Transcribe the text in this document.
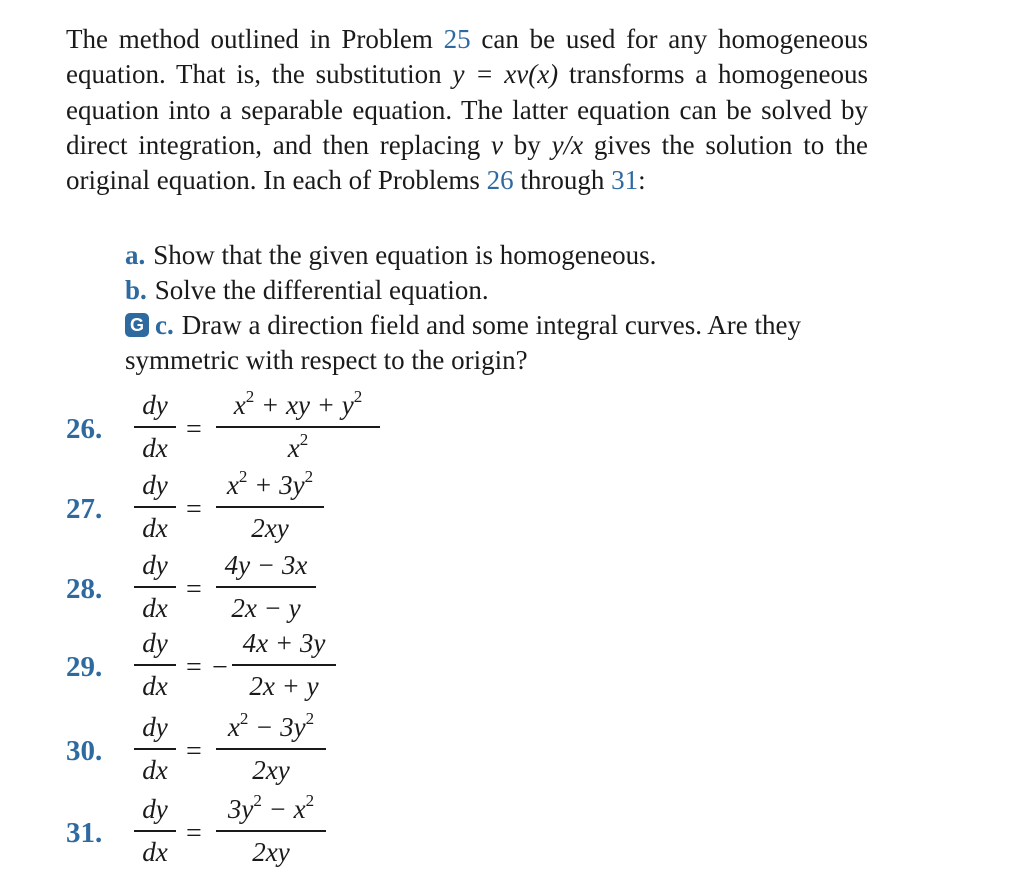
The method outlined in Problem 25 can be used for any homogeneous equation. That is, the substitution y = xv(x) transforms a homogeneous equation into a separable equation. The latter equation can be solved by direct integration, and then replacing v by y/x gives the solution to the original equation. In each of Problems 26 through 31:
a. Show that the given equation is homogeneous.
b. Solve the differential equation.
G c. Draw a direction field and some integral curves. Are they symmetric with respect to the origin?
26.
dy
dx
=
$x^2$ + xy + $y^2$
$x^2$
27.
dy
dx
=
$x^2 + 3y^2$
2xy
28.
dy
dx
=
4y − 3x
2x − y
29.
dy
dx
= −
4x + 3y
2x + y
30.
dy
dx
=
$x^2 - 3y^2$
2xy
31.
dy
dx
=
$3y^2 - x^2$
2xy
